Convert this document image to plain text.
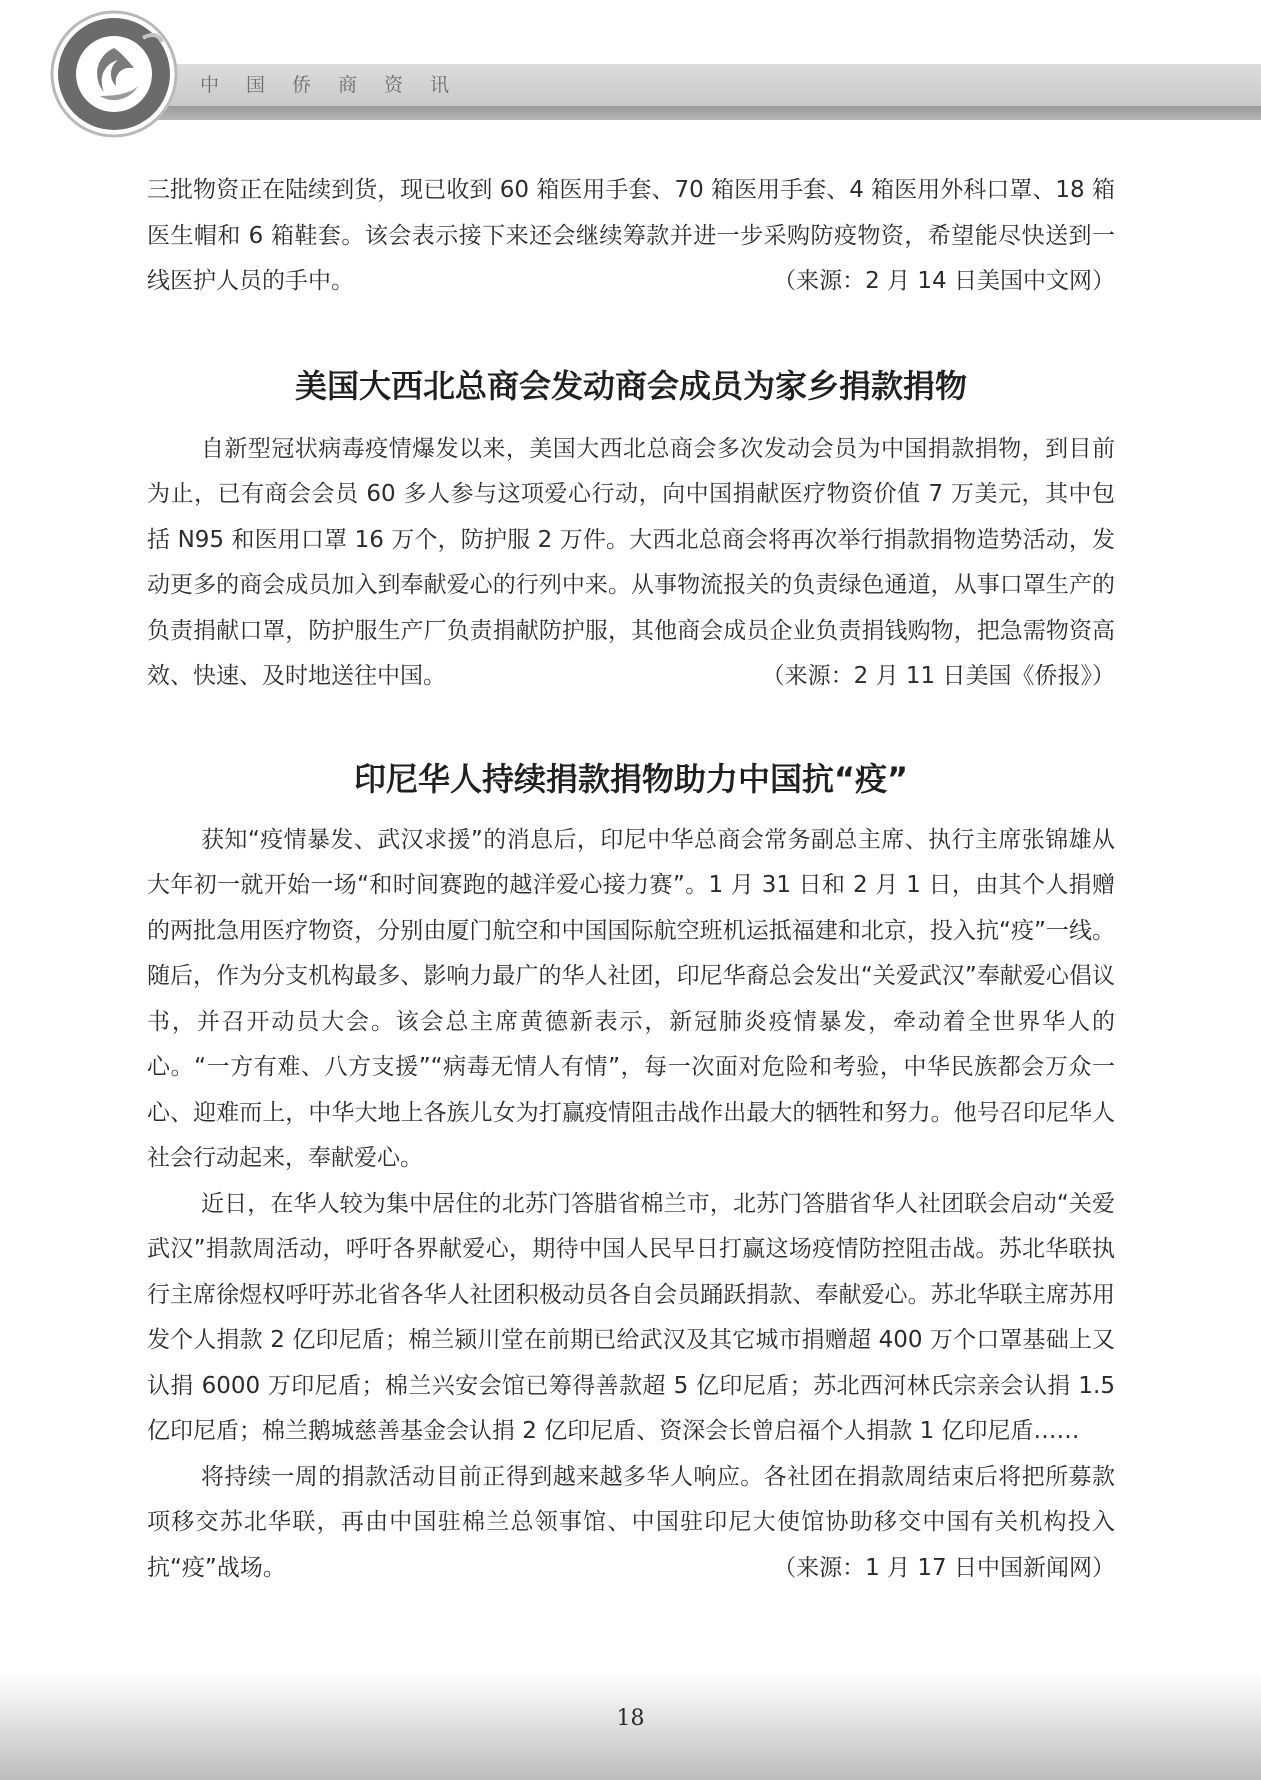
中国侨商资讯

三批物资正在陆续到货，现已收到 60 箱医用手套、70 箱医用手套、4 箱医用外科口罩、18 箱医生帽和 6 箱鞋套。该会表示接下来还会继续筹款并进一步采购防疫物资，希望能尽快送到一线医护人员的手中。	（来源：2 月 14 日美国中文网）

美国大西北总商会发动商会成员为家乡捐款捐物

自新型冠状病毒疫情爆发以来，美国大西北总商会多次发动会员为中国捐款捐物，到目前为止，已有商会会员 60 多人参与这项爱心行动，向中国捐献医疗物资价值 7 万美元，其中包括 N95 和医用口罩 16 万个，防护服 2 万件。大西北总商会将再次举行捐款捐物造势活动，发动更多的商会成员加入到奉献爱心的行列中来。从事物流报关的负责绿色通道，从事口罩生产的负责捐献口罩，防护服生产厂负责捐献防护服，其他商会成员企业负责捐钱购物，把急需物资高效、快速、及时地送往中国。	（来源：2 月 11 日美国《侨报》）

印尼华人持续捐款捐物助力中国抗“疫”

获知“疫情暴发、武汉求援”的消息后，印尼中华总商会常务副总主席、执行主席张锦雄从大年初一就开始一场“和时间赛跑的越洋爱心接力赛”。1 月 31 日和 2 月 1 日，由其个人捐赠的两批急用医疗物资，分别由厦门航空和中国国际航空班机运抵福建和北京，投入抗“疫”一线。随后，作为分支机构最多、影响力最广的华人社团，印尼华裔总会发出“关爱武汉”奉献爱心倡议书，并召开动员大会。该会总主席黄德新表示，新冠肺炎疫情暴发，牵动着全世界华人的心。“一方有难、八方支援”“病毒无情人有情”，每一次面对危险和考验，中华民族都会万众一心、迎难而上，中华大地上各族儿女为打赢疫情阻击战作出最大的牺牲和努力。他号召印尼华人社会行动起来，奉献爱心。

近日，在华人较为集中居住的北苏门答腊省棉兰市，北苏门答腊省华人社团联会启动“关爱武汉”捐款周活动，呼吁各界献爱心，期待中国人民早日打赢这场疫情防控阻击战。苏北华联执行主席徐煜权呼吁苏北省各华人社团积极动员各自会员踊跃捐款、奉献爱心。苏北华联主席苏用发个人捐款 2 亿印尼盾；棉兰颍川堂在前期已给武汉及其它城市捐赠超 400 万个口罩基础上又认捐 6000 万印尼盾；棉兰兴安会馆已筹得善款超 5 亿印尼盾；苏北西河林氏宗亲会认捐 1.5 亿印尼盾；棉兰鹅城慈善基金会认捐 2 亿印尼盾、资深会长曾启福个人捐款 1 亿印尼盾……

将持续一周的捐款活动目前正得到越来越多华人响应。各社团在捐款周结束后将把所募款项移交苏北华联，再由中国驻棉兰总领事馆、中国驻印尼大使馆协助移交中国有关机构投入抗“疫”战场。	（来源：1 月 17 日中国新闻网）

18
